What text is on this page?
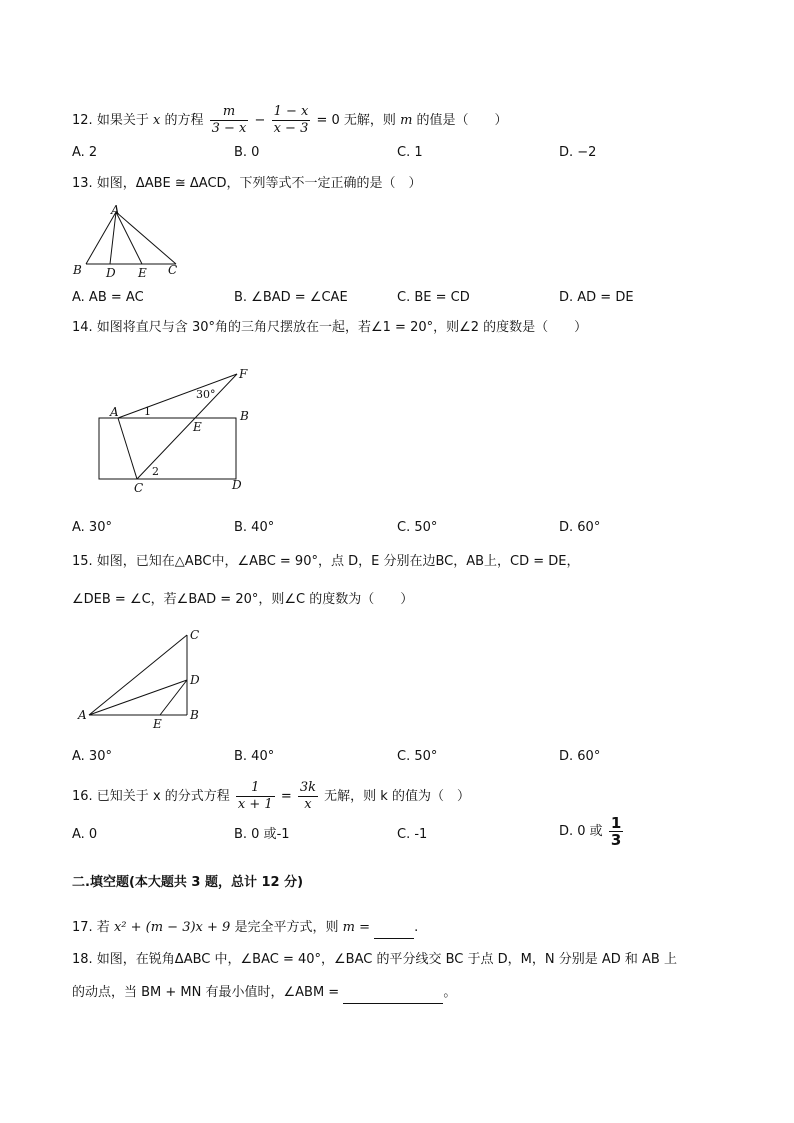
12. 如果关于 x 的方程 $\frac{m}{3 - x} - \frac{1 - x}{x - 3} = 0$ 无解，则 m 的值是（　　）
A. 2	B. 0	C. 1	D. −2
13. 如图，ΔABE ≅ ΔACD，下列等式不一定正确的是（　）
A
B D E C
A. AB = AC	B. ∠BAD = ∠CAE	C. BE = CD	D. AD = DE
14. 如图将直尺与含 30°角的三角尺摆放在一起，若∠1 = 20°，则∠2 的度数是（　　）
A	B
C	D
E
F
1
2
30°
A. 30°	B. 40°	C. 50°	D. 60°
15. 如图，已知在△ABC中，∠ABC = 90°，点 D，E 分别在边BC，AB上，CD = DE，
∠DEB = ∠C，若∠BAD = 20°，则∠C 的度数为（　　）
A	B
C
D
E
A. 30°	B. 40°	C. 50°	D. 60°
16. 已知关于 x 的分式方程 $\frac{1}{x + 1} = \frac{3k}{x}$ 无解，则 k 的值为（　）
A. 0	B. 0 或-1	C. -1	D. 0 或 $\frac{1}{3}$
二.填空题(本大题共 3 题，总计 12 分)
17. 若 x² + (m − 3)x + 9 是完全平方式，则 m =	.
18. 如图，在锐角ΔABC 中，∠BAC = 40°，∠BAC 的平分线交 BC 于点 D，M，N 分别是 AD 和 AB 上
的动点，当 BM + MN 有最小值时，∠ABM =	。
